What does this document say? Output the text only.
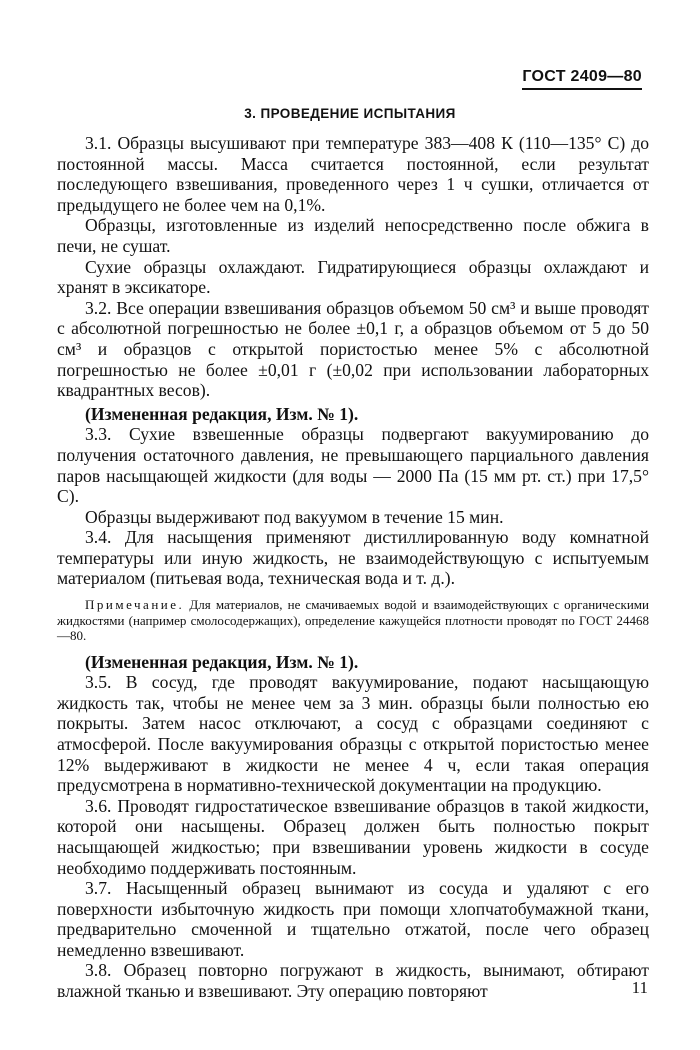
ГОСТ 2409—80
3. ПРОВЕДЕНИЕ ИСПЫТАНИЯ

3.1. Образцы высушивают при температуре 383—408 К (110—135° С) до постоянной массы. Масса считается постоянной, если результат последующего взвешивания, проведенного через 1 ч сушки, отличается от предыдущего не более чем на 0,1%.

Образцы, изготовленные из изделий непосредственно после обжига в печи, не сушат.

Сухие образцы охлаждают. Гидратирующиеся образцы охлаждают и хранят в эксикаторе.

3.2. Все операции взвешивания образцов объемом 50 см³ и выше проводят с абсолютной погрешностью не более ±0,1 г, а образцов объемом от 5 до 50 см³ и образцов с открытой пористостью менее 5% с абсолютной погрешностью не более ±0,01 г (±0,02 при использовании лабораторных квадрантных весов).

(Измененная редакция, Изм. № 1).

3.3. Сухие взвешенные образцы подвергают вакуумированию до получения остаточного давления, не превышающего парциального давления паров насыщающей жидкости (для воды — 2000 Па (15 мм рт. ст.) при 17,5° С).

Образцы выдерживают под вакуумом в течение 15 мин.

3.4. Для насыщения применяют дистиллированную воду комнатной температуры или иную жидкость, не взаимодействующую с испытуемым материалом (питьевая вода, техническая вода и т. д.).

Примечание. Для материалов, не смачиваемых водой и взаимодействующих с органическими жидкостями (например смолосодержащих), определение кажущейся плотности проводят по ГОСТ 24468—80.

(Измененная редакция, Изм. № 1).

3.5. В сосуд, где проводят вакуумирование, подают насыщающую жидкость так, чтобы не менее чем за 3 мин. образцы были полностью ею покрыты. Затем насос отключают, а сосуд с образцами соединяют с атмосферой. После вакуумирования образцы с открытой пористостью менее 12% выдерживают в жидкости не менее 4 ч, если такая операция предусмотрена в нормативно-технической документации на продукцию.

3.6. Проводят гидростатическое взвешивание образцов в такой жидкости, которой они насыщены. Образец должен быть полностью покрыт насыщающей жидкостью; при взвешивании уровень жидкости в сосуде необходимо поддерживать постоянным.

3.7. Насыщенный образец вынимают из сосуда и удаляют с его поверхности избыточную жидкость при помощи хлопчатобумажной ткани, предварительно смоченной и тщательно отжатой, после чего образец немедленно взвешивают.

3.8. Образец повторно погружают в жидкость, вынимают, обтирают влажной тканью и взвешивают. Эту операцию повторяют	11
